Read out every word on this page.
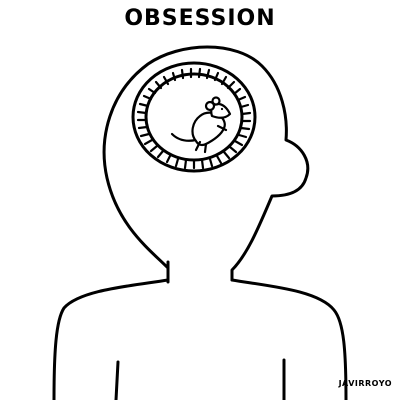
OBSESSION
JAVIRROYO
